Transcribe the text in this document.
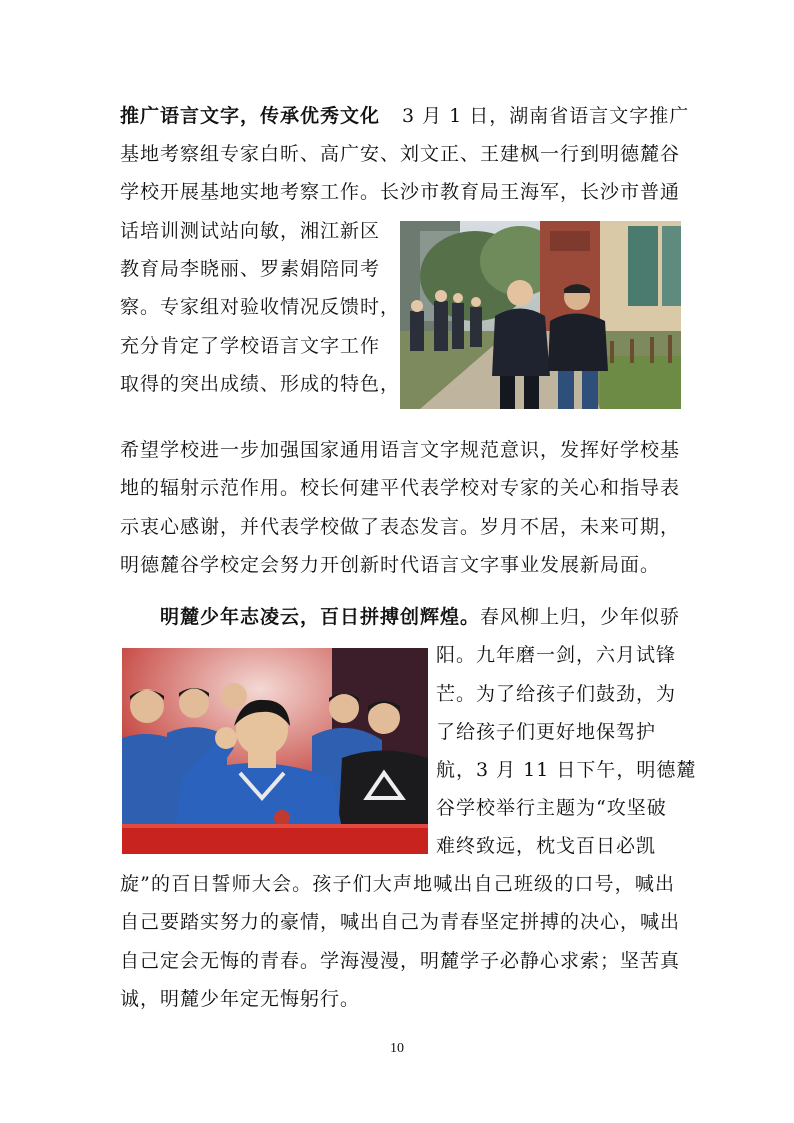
推广语言文字，传承优秀文化 3 月 1 日，湖南省语言文字推广
基地考察组专家白昕、高广安、刘文正、王建枫一行到明德麓谷
学校开展基地实地考察工作。长沙市教育局王海军，长沙市普通
话培训测试站向敏，湘江新区
教育局李晓丽、罗素娟陪同考
察。专家组对验收情况反馈时，
充分肯定了学校语言文字工作
取得的突出成绩、形成的特色，
希望学校进一步加强国家通用语言文字规范意识，发挥好学校基
地的辐射示范作用。校长何建平代表学校对专家的关心和指导表
示衷心感谢，并代表学校做了表态发言。岁月不居，未来可期，
明德麓谷学校定会努力开创新时代语言文字事业发展新局面。
明麓少年志凌云，百日拼搏创辉煌。春风柳上归，少年似骄
阳。九年磨一剑，六月试锋
芒。为了给孩子们鼓劲，为
了给孩子们更好地保驾护
航，3 月 11 日下午，明德麓
谷学校举行主题为“攻坚破
难终致远，枕戈百日必凯
旋”的百日誓师大会。孩子们大声地喊出自己班级的口号，喊出
自己要踏实努力的豪情，喊出自己为青春坚定拼搏的决心，喊出
自己定会无悔的青春。学海漫漫，明麓学子必静心求索；坚苦真
诚，明麓少年定无悔躬行。
10
